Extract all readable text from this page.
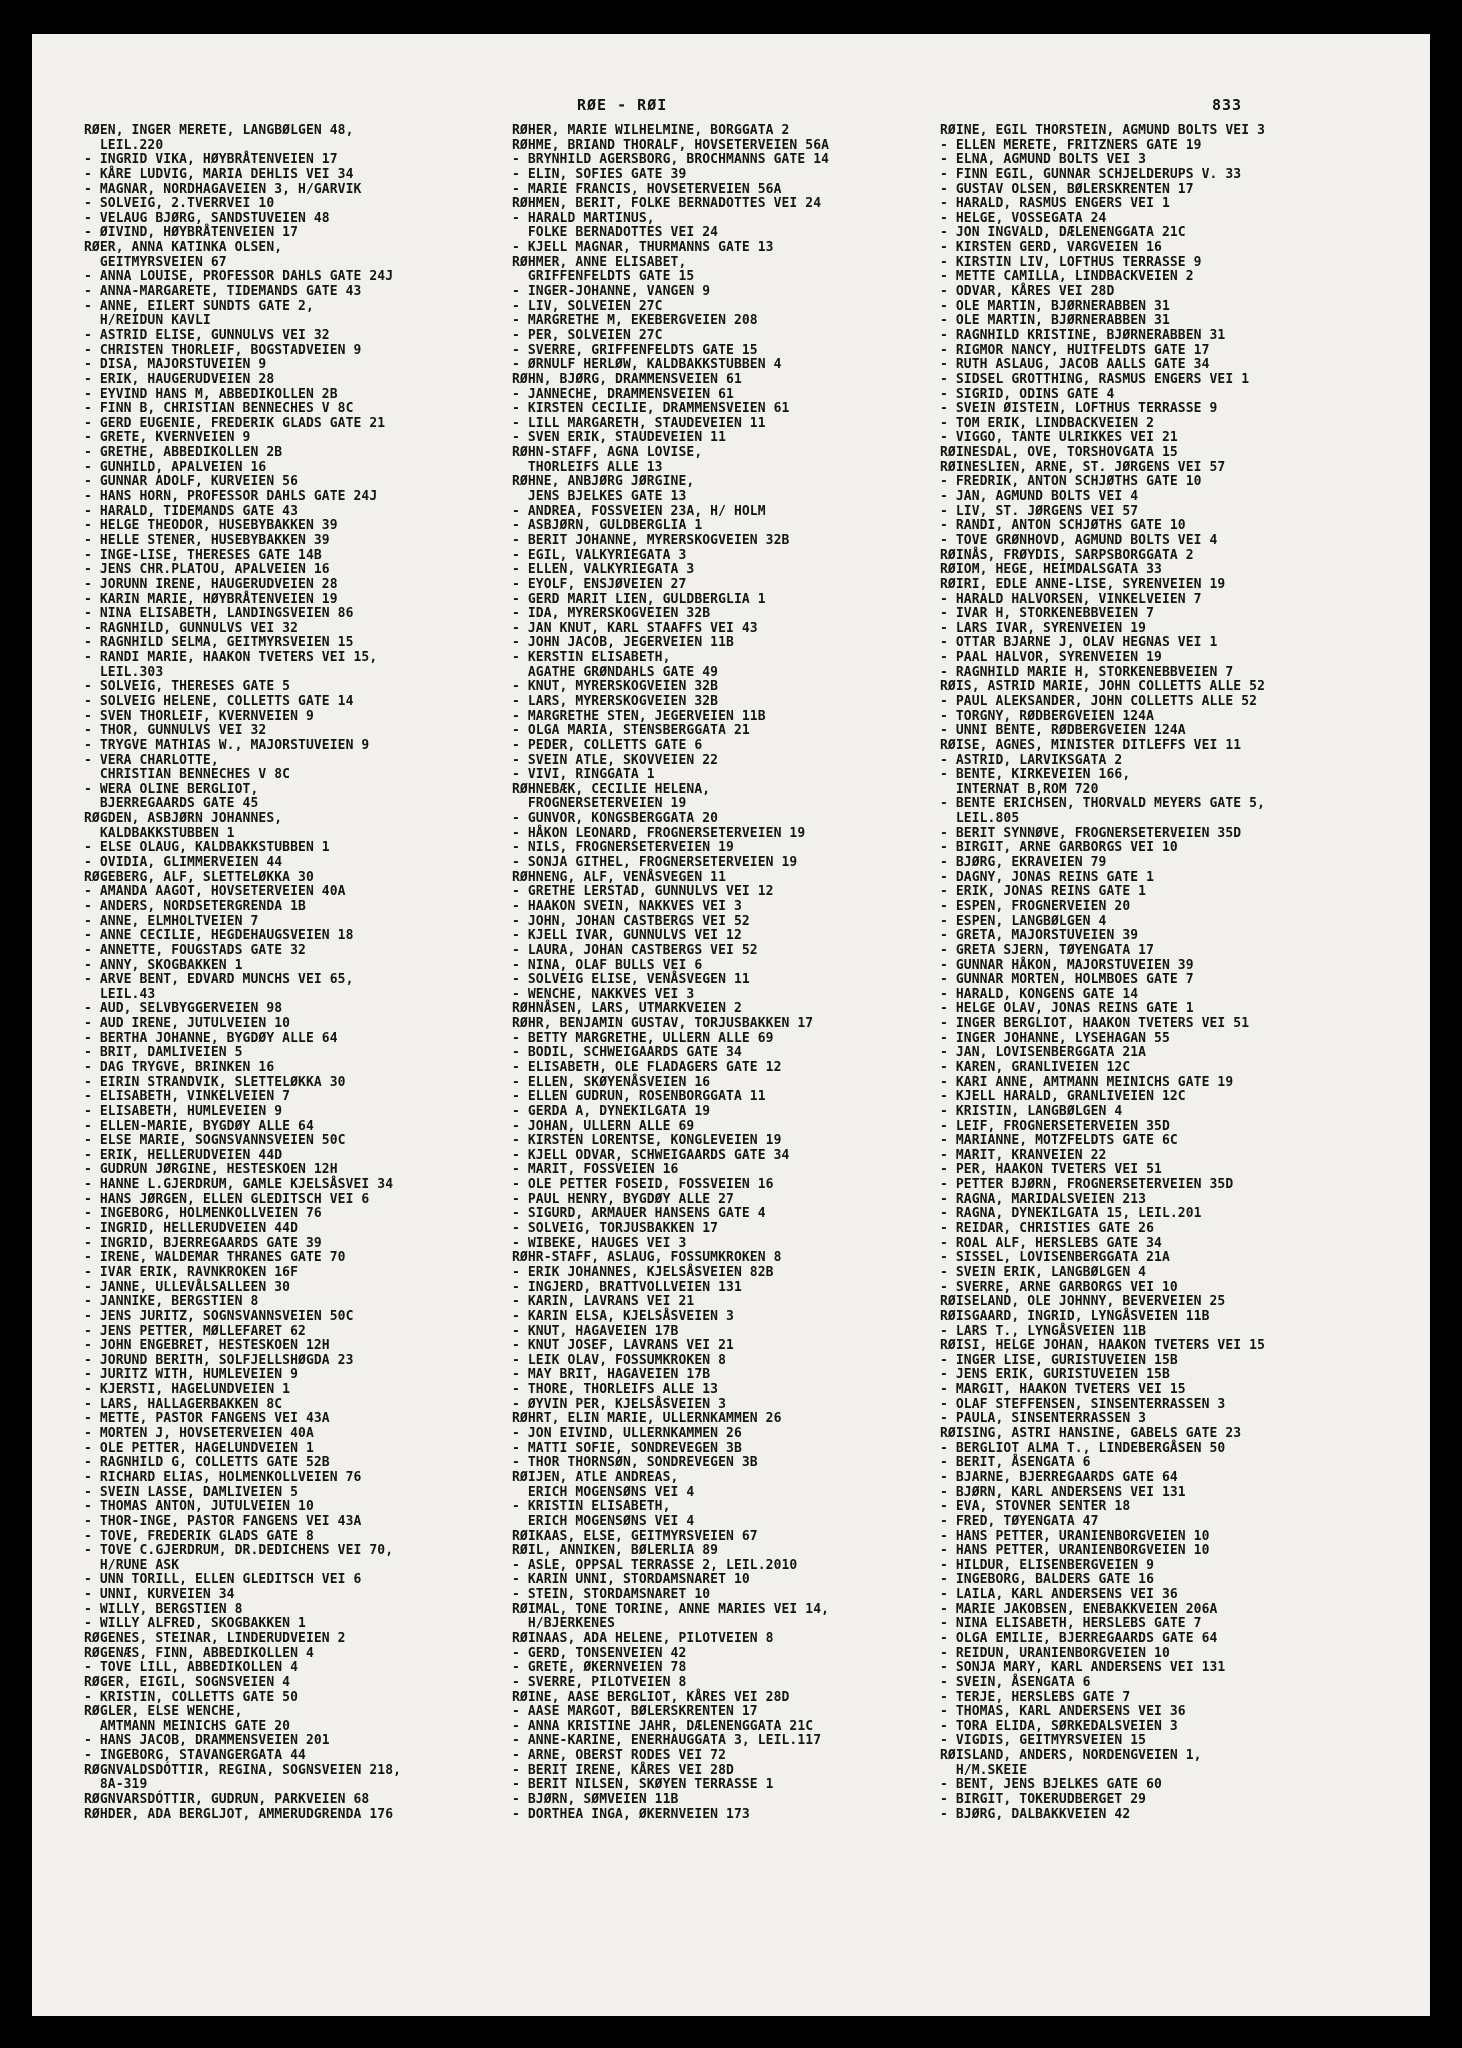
RØE - RØI	833
RØEN, INGER MERETE, LANGBØLGEN 48,
LEIL.220
- INGRID VIKA, HØYBRÅTENVEIEN 17
- KÅRE LUDVIG, MARIA DEHLIS VEI 34
- MAGNAR, NORDHAGAVEIEN 3, H/GARVIK
- SOLVEIG, 2.TVERRVEI 10
- VELAUG BJØRG, SANDSTUVEIEN 48
- ØIVIND, HØYBRÅTENVEIEN 17
RØER, ANNA KATINKA OLSEN,
GEITMYRSVEIEN 67
- ANNA LOUISE, PROFESSOR DAHLS GATE 24J
- ANNA-MARGARETE, TIDEMANDS GATE 43
- ANNE, EILERT SUNDTS GATE 2,
H/REIDUN KAVLI
- ASTRID ELISE, GUNNULVS VEI 32
- CHRISTEN THORLEIF, BOGSTADVEIEN 9
- DISA, MAJORSTUVEIEN 9
- ERIK, HAUGERUDVEIEN 28
- EYVIND HANS M, ABBEDIKOLLEN 2B
- FINN B, CHRISTIAN BENNECHES V 8C
- GERD EUGENIE, FREDERIK GLADS GATE 21
- GRETE, KVERNVEIEN 9
- GRETHE, ABBEDIKOLLEN 2B
- GUNHILD, APALVEIEN 16
- GUNNAR ADOLF, KURVEIEN 56
- HANS HORN, PROFESSOR DAHLS GATE 24J
- HARALD, TIDEMANDS GATE 43
- HELGE THEODOR, HUSEBYBAKKEN 39
- HELLE STENER, HUSEBYBAKKEN 39
- INGE-LISE, THERESES GATE 14B
- JENS CHR.PLATOU, APALVEIEN 16
- JORUNN IRENE, HAUGERUDVEIEN 28
- KARIN MARIE, HØYBRÅTENVEIEN 19
- NINA ELISABETH, LANDINGSVEIEN 86
- RAGNHILD, GUNNULVS VEI 32
- RAGNHILD SELMA, GEITMYRSVEIEN 15
- RANDI MARIE, HAAKON TVETERS VEI 15,
LEIL.303
- SOLVEIG, THERESES GATE 5
- SOLVEIG HELENE, COLLETTS GATE 14
- SVEN THORLEIF, KVERNVEIEN 9
- THOR, GUNNULVS VEI 32
- TRYGVE MATHIAS W., MAJORSTUVEIEN 9
- VERA CHARLOTTE,
CHRISTIAN BENNECHES V 8C
- WERA OLINE BERGLIOT,
BJERREGAARDS GATE 45
RØGDEN, ASBJØRN JOHANNES,
KALDBAKKSTUBBEN 1
- ELSE OLAUG, KALDBAKKSTUBBEN 1
- OVIDIA, GLIMMERVEIEN 44
RØGEBERG, ALF, SLETTELØKKA 30
- AMANDA AAGOT, HOVSETERVEIEN 40A
- ANDERS, NORDSETERGRENDA 1B
- ANNE, ELMHOLTVEIEN 7
- ANNE CECILIE, HEGDEHAUGSVEIEN 18
- ANNETTE, FOUGSTADS GATE 32
- ANNY, SKOGBAKKEN 1
- ARVE BENT, EDVARD MUNCHS VEI 65,
LEIL.43
- AUD, SELVBYGGERVEIEN 98
- AUD IRENE, JUTULVEIEN 10
- BERTHA JOHANNE, BYGDØY ALLE 64
- BRIT, DAMLIVEIEN 5
- DAG TRYGVE, BRINKEN 16
- EIRIN STRANDVIK, SLETTELØKKA 30
- ELISABETH, VINKELVEIEN 7
- ELISABETH, HUMLEVEIEN 9
- ELLEN-MARIE, BYGDØY ALLE 64
- ELSE MARIE, SOGNSVANNSVEIEN 50C
- ERIK, HELLERUDVEIEN 44D
- GUDRUN JØRGINE, HESTESKOEN 12H
- HANNE L.GJERDRUM, GAMLE KJELSÅSVEI 34
- HANS JØRGEN, ELLEN GLEDITSCH VEI 6
- INGEBORG, HOLMENKOLLVEIEN 76
- INGRID, HELLERUDVEIEN 44D
- INGRID, BJERREGAARDS GATE 39
- IRENE, WALDEMAR THRANES GATE 70
- IVAR ERIK, RAVNKROKEN 16F
- JANNE, ULLEVÅLSALLEEN 30
- JANNIKE, BERGSTIEN 8
- JENS JURITZ, SOGNSVANNSVEIEN 50C
- JENS PETTER, MØLLEFARET 62
- JOHN ENGEBRET, HESTESKOEN 12H
- JORUND BERITH, SOLFJELLSHØGDA 23
- JURITZ WITH, HUMLEVEIEN 9
- KJERSTI, HAGELUNDVEIEN 1
- LARS, HALLAGERBAKKEN 8C
- METTE, PASTOR FANGENS VEI 43A
- MORTEN J, HOVSETERVEIEN 40A
- OLE PETTER, HAGELUNDVEIEN 1
- RAGNHILD G, COLLETTS GATE 52B
- RICHARD ELIAS, HOLMENKOLLVEIEN 76
- SVEIN LASSE, DAMLIVEIEN 5
- THOMAS ANTON, JUTULVEIEN 10
- THOR-INGE, PASTOR FANGENS VEI 43A
- TOVE, FREDERIK GLADS GATE 8
- TOVE C.GJERDRUM, DR.DEDICHENS VEI 70,
H/RUNE ASK
- UNN TORILL, ELLEN GLEDITSCH VEI 6
- UNNI, KURVEIEN 34
- WILLY, BERGSTIEN 8
- WILLY ALFRED, SKOGBAKKEN 1
RØGENES, STEINAR, LINDERUDVEIEN 2
RØGENÆS, FINN, ABBEDIKOLLEN 4
- TOVE LILL, ABBEDIKOLLEN 4
RØGER, EIGIL, SOGNSVEIEN 4
- KRISTIN, COLLETTS GATE 50
RØGLER, ELSE WENCHE,
AMTMANN MEINICHS GATE 20
- HANS JACOB, DRAMMENSVEIEN 201
- INGEBORG, STAVANGERGATA 44
RØGNVALDSDÓTTIR, REGINA, SOGNSVEIEN 218,
8A-319
RØGNVARSDÓTTIR, GUDRUN, PARKVEIEN 68
RØHDER, ADA BERGLJOT, AMMERUDGRENDA 176
RØHER, MARIE WILHELMINE, BORGGATA 2
RØHME, BRIAND THORALF, HOVSETERVEIEN 56A
- BRYNHILD AGERSBORG, BROCHMANNS GATE 14
- ELIN, SOFIES GATE 39
- MARIE FRANCIS, HOVSETERVEIEN 56A
RØHMEN, BERIT, FOLKE BERNADOTTES VEI 24
- HARALD MARTINUS,
FOLKE BERNADOTTES VEI 24
- KJELL MAGNAR, THURMANNS GATE 13
RØHMER, ANNE ELISABET,
GRIFFENFELDTS GATE 15
- INGER-JOHANNE, VANGEN 9
- LIV, SOLVEIEN 27C
- MARGRETHE M, EKEBERGVEIEN 208
- PER, SOLVEIEN 27C
- SVERRE, GRIFFENFELDTS GATE 15
- ØRNULF HERLØW, KALDBAKKSTUBBEN 4
RØHN, BJØRG, DRAMMENSVEIEN 61
- JANNECHE, DRAMMENSVEIEN 61
- KIRSTEN CECILIE, DRAMMENSVEIEN 61
- LILL MARGARETH, STAUDEVEIEN 11
- SVEN ERIK, STAUDEVEIEN 11
RØHN-STAFF, AGNA LOVISE,
THORLEIFS ALLE 13
RØHNE, ANBJØRG JØRGINE,
JENS BJELKES GATE 13
- ANDREA, FOSSVEIEN 23A, H/ HOLM
- ASBJØRN, GULDBERGLIA 1
- BERIT JOHANNE, MYRERSKOGVEIEN 32B
- EGIL, VALKYRIEGATA 3
- ELLEN, VALKYRIEGATA 3
- EYOLF, ENSJØVEIEN 27
- GERD MARIT LIEN, GULDBERGLIA 1
- IDA, MYRERSKOGVEIEN 32B
- JAN KNUT, KARL STAAFFS VEI 43
- JOHN JACOB, JEGERVEIEN 11B
- KERSTIN ELISABETH,
AGATHE GRØNDAHLS GATE 49
- KNUT, MYRERSKOGVEIEN 32B
- LARS, MYRERSKOGVEIEN 32B
- MARGRETHE STEN, JEGERVEIEN 11B
- OLGA MARIA, STENSBERGGATA 21
- PEDER, COLLETTS GATE 6
- SVEIN ATLE, SKOVVEIEN 22
- VIVI, RINGGATA 1
RØHNEBÆK, CECILIE HELENA,
FROGNERSETERVEIEN 19
- GUNVOR, KONGSBERGGATA 20
- HÅKON LEONARD, FROGNERSETERVEIEN 19
- NILS, FROGNERSETERVEIEN 19
- SONJA GITHEL, FROGNERSETERVEIEN 19
RØHNENG, ALF, VENÅSVEGEN 11
- GRETHE LERSTAD, GUNNULVS VEI 12
- HAAKON SVEIN, NAKKVES VEI 3
- JOHN, JOHAN CASTBERGS VEI 52
- KJELL IVAR, GUNNULVS VEI 12
- LAURA, JOHAN CASTBERGS VEI 52
- NINA, OLAF BULLS VEI 6
- SOLVEIG ELISE, VENÅSVEGEN 11
- WENCHE, NAKKVES VEI 3
RØHNÅSEN, LARS, UTMARKVEIEN 2
RØHR, BENJAMIN GUSTAV, TORJUSBAKKEN 17
- BETTY MARGRETHE, ULLERN ALLE 69
- BODIL, SCHWEIGAARDS GATE 34
- ELISABETH, OLE FLADAGERS GATE 12
- ELLEN, SKØYENÅSVEIEN 16
- ELLEN GUDRUN, ROSENBORGGATA 11
- GERDA A, DYNEKILGATA 19
- JOHAN, ULLERN ALLE 69
- KIRSTEN LORENTSE, KONGLEVEIEN 19
- KJELL ODVAR, SCHWEIGAARDS GATE 34
- MARIT, FOSSVEIEN 16
- OLE PETTER FOSEID, FOSSVEIEN 16
- PAUL HENRY, BYGDØY ALLE 27
- SIGURD, ARMAUER HANSENS GATE 4
- SOLVEIG, TORJUSBAKKEN 17
- WIBEKE, HAUGES VEI 3
RØHR-STAFF, ASLAUG, FOSSUMKROKEN 8
- ERIK JOHANNES, KJELSÅSVEIEN 82B
- INGJERD, BRATTVOLLVEIEN 131
- KARIN, LAVRANS VEI 21
- KARIN ELSA, KJELSÅSVEIEN 3
- KNUT, HAGAVEIEN 17B
- KNUT JOSEF, LAVRANS VEI 21
- LEIK OLAV, FOSSUMKROKEN 8
- MAY BRIT, HAGAVEIEN 17B
- THORE, THORLEIFS ALLE 13
- ØYVIN PER, KJELSÅSVEIEN 3
RØHRT, ELIN MARIE, ULLERNKAMMEN 26
- JON EIVIND, ULLERNKAMMEN 26
- MATTI SOFIE, SONDREVEGEN 3B
- THOR THORNSØN, SONDREVEGEN 3B
RØIJEN, ATLE ANDREAS,
ERICH MOGENSØNS VEI 4
- KRISTIN ELISABETH,
ERICH MOGENSØNS VEI 4
RØIKAAS, ELSE, GEITMYRSVEIEN 67
RØIL, ANNIKEN, BØLERLIA 89
- ASLE, OPPSAL TERRASSE 2, LEIL.2010
- KARIN UNNI, STORDAMSNARET 10
- STEIN, STORDAMSNARET 10
RØIMAL, TONE TORINE, ANNE MARIES VEI 14,
H/BJERKENES
RØINAAS, ADA HELENE, PILOTVEIEN 8
- GERD, TONSENVEIEN 42
- GRETE, ØKERNVEIEN 78
- SVERRE, PILOTVEIEN 8
RØINE, AASE BERGLIOT, KÅRES VEI 28D
- AASE MARGOT, BØLERSKRENTEN 17
- ANNA KRISTINE JAHR, DÆLENENGGATA 21C
- ANNE-KARINE, ENERHAUGGATA 3, LEIL.117
- ARNE, OBERST RODES VEI 72
- BERIT IRENE, KÅRES VEI 28D
- BERIT NILSEN, SKØYEN TERRASSE 1
- BJØRN, SØMVEIEN 11B
- DORTHEA INGA, ØKERNVEIEN 173
RØINE, EGIL THORSTEIN, AGMUND BOLTS VEI 3
- ELLEN MERETE, FRITZNERS GATE 19
- ELNA, AGMUND BOLTS VEI 3
- FINN EGIL, GUNNAR SCHJELDERUPS V. 33
- GUSTAV OLSEN, BØLERSKRENTEN 17
- HARALD, RASMUS ENGERS VEI 1
- HELGE, VOSSEGATA 24
- JON INGVALD, DÆLENENGGATA 21C
- KIRSTEN GERD, VARGVEIEN 16
- KIRSTIN LIV, LOFTHUS TERRASSE 9
- METTE CAMILLA, LINDBACKVEIEN 2
- ODVAR, KÅRES VEI 28D
- OLE MARTIN, BJØRNERABBEN 31
- OLE MARTIN, BJØRNERABBEN 31
- RAGNHILD KRISTINE, BJØRNERABBEN 31
- RIGMOR NANCY, HUITFELDTS GATE 17
- RUTH ASLAUG, JACOB AALLS GATE 34
- SIDSEL GROTTHING, RASMUS ENGERS VEI 1
- SIGRID, ODINS GATE 4
- SVEIN ØISTEIN, LOFTHUS TERRASSE 9
- TOM ERIK, LINDBACKVEIEN 2
- VIGGO, TANTE ULRIKKES VEI 21
RØINESDAL, OVE, TORSHOVGATA 15
RØINESLIEN, ARNE, ST. JØRGENS VEI 57
- FREDRIK, ANTON SCHJØTHS GATE 10
- JAN, AGMUND BOLTS VEI 4
- LIV, ST. JØRGENS VEI 57
- RANDI, ANTON SCHJØTHS GATE 10
- TOVE GRØNHOVD, AGMUND BOLTS VEI 4
RØINÅS, FRØYDIS, SARPSBORGGATA 2
RØIOM, HEGE, HEIMDALSGATA 33
RØIRI, EDLE ANNE-LISE, SYRENVEIEN 19
- HARALD HALVORSEN, VINKELVEIEN 7
- IVAR H, STORKENEBBVEIEN 7
- LARS IVAR, SYRENVEIEN 19
- OTTAR BJARNE J, OLAV HEGNAS VEI 1
- PAAL HALVOR, SYRENVEIEN 19
- RAGNHILD MARIE H, STORKENEBBVEIEN 7
RØIS, ASTRID MARIE, JOHN COLLETTS ALLE 52
- PAUL ALEKSANDER, JOHN COLLETTS ALLE 52
- TORGNY, RØDBERGVEIEN 124A
- UNNI BENTE, RØDBERGVEIEN 124A
RØISE, AGNES, MINISTER DITLEFFS VEI 11
- ASTRID, LARVIKSGATA 2
- BENTE, KIRKEVEIEN 166,
INTERNAT B,ROM 720
- BENTE ERICHSEN, THORVALD MEYERS GATE 5,
LEIL.805
- BERIT SYNNØVE, FROGNERSETERVEIEN 35D
- BIRGIT, ARNE GARBORGS VEI 10
- BJØRG, EKRAVEIEN 79
- DAGNY, JONAS REINS GATE 1
- ERIK, JONAS REINS GATE 1
- ESPEN, FROGNERVEIEN 20
- ESPEN, LANGBØLGEN 4
- GRETA, MAJORSTUVEIEN 39
- GRETA SJERN, TØYENGATA 17
- GUNNAR HÅKON, MAJORSTUVEIEN 39
- GUNNAR MORTEN, HOLMBOES GATE 7
- HARALD, KONGENS GATE 14
- HELGE OLAV, JONAS REINS GATE 1
- INGER BERGLIOT, HAAKON TVETERS VEI 51
- INGER JOHANNE, LYSEHAGAN 55
- JAN, LOVISENBERGGATA 21A
- KAREN, GRANLIVEIEN 12C
- KARI ANNE, AMTMANN MEINICHS GATE 19
- KJELL HARALD, GRANLIVEIEN 12C
- KRISTIN, LANGBØLGEN 4
- LEIF, FROGNERSETERVEIEN 35D
- MARIANNE, MOTZFELDTS GATE 6C
- MARIT, KRANVEIEN 22
- PER, HAAKON TVETERS VEI 51
- PETTER BJØRN, FROGNERSETERVEIEN 35D
- RAGNA, MARIDALSVEIEN 213
- RAGNA, DYNEKILGATA 15, LEIL.201
- REIDAR, CHRISTIES GATE 26
- ROAL ALF, HERSLEBS GATE 34
- SISSEL, LOVISENBERGGATA 21A
- SVEIN ERIK, LANGBØLGEN 4
- SVERRE, ARNE GARBORGS VEI 10
RØISELAND, OLE JOHNNY, BEVERVEIEN 25
RØISGAARD, INGRID, LYNGÅSVEIEN 11B
- LARS T., LYNGÅSVEIEN 11B
RØISI, HELGE JOHAN, HAAKON TVETERS VEI 15
- INGER LISE, GURISTUVEIEN 15B
- JENS ERIK, GURISTUVEIEN 15B
- MARGIT, HAAKON TVETERS VEI 15
- OLAF STEFFENSEN, SINSENTERRASSEN 3
- PAULA, SINSENTERRASSEN 3
RØISING, ASTRI HANSINE, GABELS GATE 23
- BERGLIOT ALMA T., LINDEBERGÅSEN 50
- BERIT, ÅSENGATA 6
- BJARNE, BJERREGAARDS GATE 64
- BJØRN, KARL ANDERSENS VEI 131
- EVA, STOVNER SENTER 18
- FRED, TØYENGATA 47
- HANS PETTER, URANIENBORGVEIEN 10
- HANS PETTER, URANIENBORGVEIEN 10
- HILDUR, ELISENBERGVEIEN 9
- INGEBORG, BALDERS GATE 16
- LAILA, KARL ANDERSENS VEI 36
- MARIE JAKOBSEN, ENEBAKKVEIEN 206A
- NINA ELISABETH, HERSLEBS GATE 7
- OLGA EMILIE, BJERREGAARDS GATE 64
- REIDUN, URANIENBORGVEIEN 10
- SONJA MARY, KARL ANDERSENS VEI 131
- SVEIN, ÅSENGATA 6
- TERJE, HERSLEBS GATE 7
- THOMAS, KARL ANDERSENS VEI 36
- TORA ELIDA, SØRKEDALSVEIEN 3
- VIGDIS, GEITMYRSVEIEN 15
RØISLAND, ANDERS, NORDENGVEIEN 1,
H/M.SKEIE
- BENT, JENS BJELKES GATE 60
- BIRGIT, TOKERUDBERGET 29
- BJØRG, DALBAKKVEIEN 42
